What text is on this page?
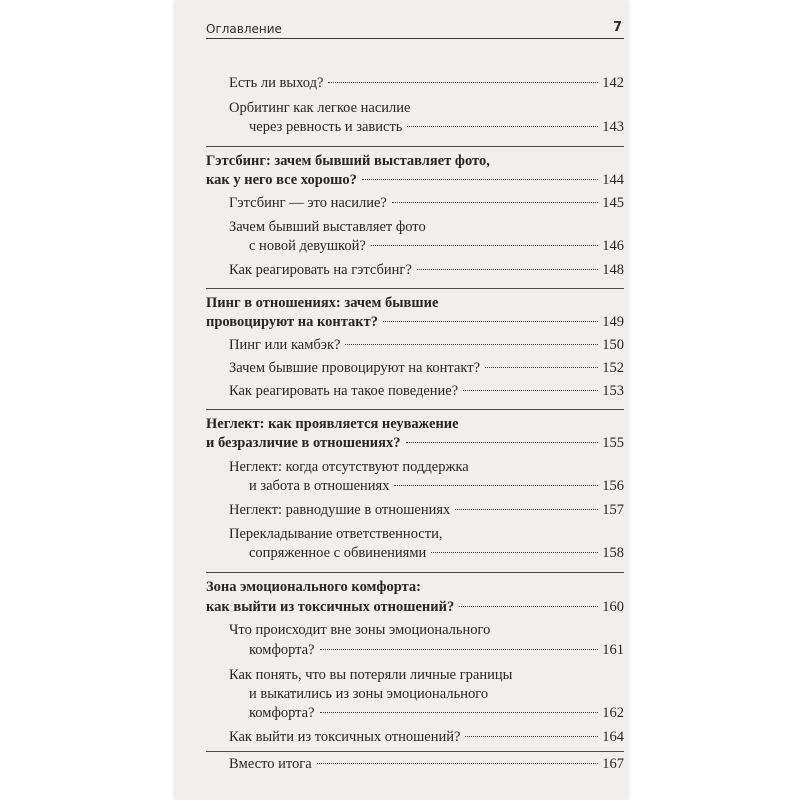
Оглавление	7
Есть ли выход?	142
Орбитинг как легкое насилие
через ревность и зависть	143
Гэтсбинг: зачем бывший выставляет фото,
как у него все хорошо?	144
Гэтсбинг — это насилие?	145
Зачем бывший выставляет фото
с новой девушкой?	146
Как реагировать на гэтсбинг?	148
Пинг в отношениях: зачем бывшие
провоцируют на контакт?	149
Пинг или камбэк?	150
Зачем бывшие провоцируют на контакт?	152
Как реагировать на такое поведение?	153
Неглект: как проявляется неуважение
и безразличие в отношениях?	155
Неглект: когда отсутствуют поддержка
и забота в отношениях	156
Неглект: равнодушие в отношениях	157
Перекладывание ответственности,
сопряженное с обвинениями	158
Зона эмоционального комфорта:
как выйти из токсичных отношений?	160
Что происходит вне зоны эмоционального
комфорта?	161
Как понять, что вы потеряли личные границы
и выкатились из зоны эмоционального
комфорта?	162
Как выйти из токсичных отношений?	164
Вместо итога	167
